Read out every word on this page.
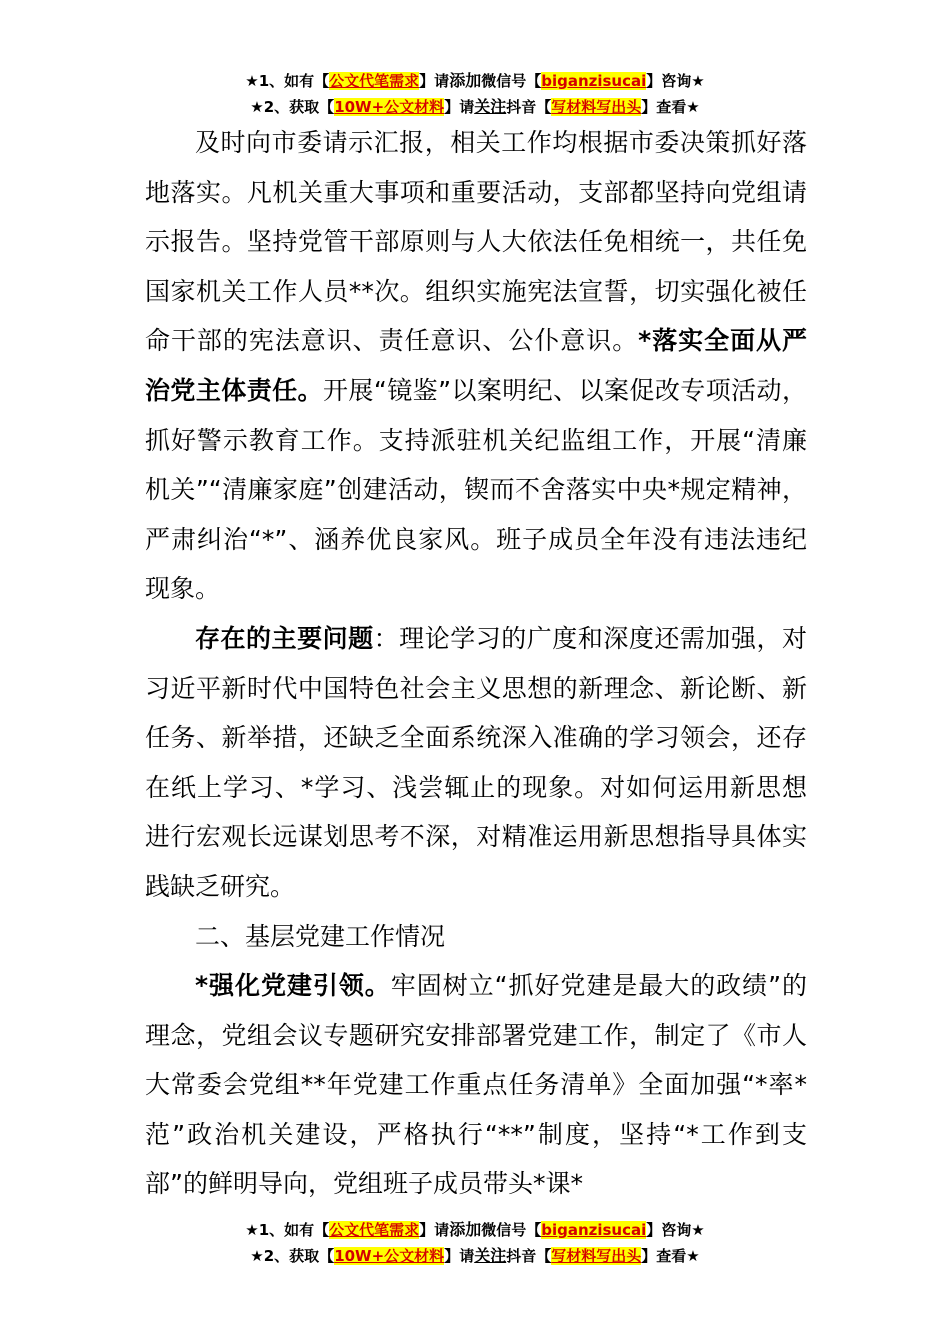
★1、如有【公文代笔需求】请添加微信号【biganzisucai】咨询★
★2、获取【10W+公文材料】请关注抖音【写材料写出头】查看★

及时向市委请示汇报，相关工作均根据市委决策抓好落地落实。凡机关重大事项和重要活动，支部都坚持向党组请示报告。坚持党管干部原则与人大依法任免相统一，共任免国家机关工作人员**次。组织实施宪法宣誓，切实强化被任命干部的宪法意识、责任意识、公仆意识。*落实全面从严治党主体责任。开展“镜鉴”以案明纪、以案促改专项活动，抓好警示教育工作。支持派驻机关纪监组工作，开展“清廉机关”“清廉家庭”创建活动，锲而不舍落实中央*规定精神，严肃纠治“*”、涵养优良家风。班子成员全年没有违法违纪现象。

存在的主要问题：理论学习的广度和深度还需加强，对习近平新时代中国特色社会主义思想的新理念、新论断、新任务、新举措，还缺乏全面系统深入准确的学习领会，还存在纸上学习、*学习、浅尝辄止的现象。对如何运用新思想进行宏观长远谋划思考不深，对精准运用新思想指导具体实践缺乏研究。

二、基层党建工作情况

*强化党建引领。牢固树立“抓好党建是最大的政绩”的理念，党组会议专题研究安排部署党建工作，制定了《市人大常委会党组**年党建工作重点任务清单》全面加强“*率*范”政治机关建设，严格执行“**”制度，坚持“*工作到支部”的鲜明导向，党组班子成员带头*课*

★1、如有【公文代笔需求】请添加微信号【biganzisucai】咨询★
★2、获取【10W+公文材料】请关注抖音【写材料写出头】查看★
